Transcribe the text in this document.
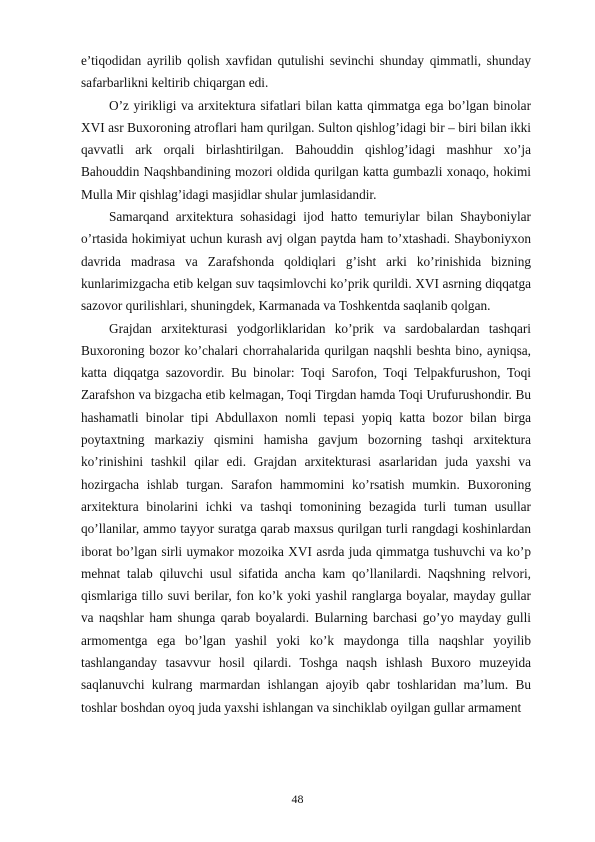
e’tiqodidan ayrilib qolish xavfidan qutulishi sevinchi shunday qimmatli, shunday safarbarlikni keltirib chiqargan edi.

O’z yirikligi va arxitektura sifatlari bilan katta qimmatga ega bo’lgan binolar XVI asr Buxoroning atroflari ham qurilgan. Sulton qishlog’idagi bir – biri bilan ikki qavvatli ark orqali birlashtirilgan. Bahouddin qishlog’idagi mashhur xo’ja Bahouddin Naqshbandining mozori oldida qurilgan katta gumbazli xonaqo, hokimi Mulla Mir qishlag’idagi masjidlar shular jumlasidandir.

Samarqand arxitektura sohasidagi ijod hatto temuriylar bilan Shayboniylar o’rtasida hokimiyat uchun kurash avj olgan paytda ham to’xtashadi. Shayboniyxon davrida madrasa va Zarafshonda qoldiqlari g’isht arki ko’rinishida bizning kunlarimizgacha etib kelgan suv taqsimlovchi ko’prik qurildi. XVI asrning diqqatga sazovor qurilishlari, shuningdek, Karmanada va Toshkentda saqlanib qolgan.

Grajdan arxitekturasi yodgorliklaridan ko’prik va sardobalardan tashqari Buxoroning bozor ko’chalari chorrahalarida qurilgan naqshli beshta bino, ayniqsa, katta diqqatga sazovordir. Bu binolar: Toqi Sarofon, Toqi Telpakfurushon, Toqi Zarafshon va bizgacha etib kelmagan, Toqi Tirgdan hamda Toqi Urufurushondir. Bu hashamatli binolar tipi Abdullaxon nomli tepasi yopiq katta bozor bilan birga poytaxtning markaziy qismini hamisha gavjum bozorning tashqi arxitektura ko’rinishini tashkil qilar edi. Grajdan arxitekturasi asarlaridan juda yaxshi va hozirgacha ishlab turgan. Sarafon hammomini ko’rsatish mumkin. Buxoroning arxitektura binolarini ichki va tashqi tomonining bezagida turli tuman usullar qo’llanilar, ammo tayyor suratga qarab maxsus qurilgan turli rangdagi koshinlardan iborat bo’lgan sirli uymakor mozoika XVI asrda juda qimmatga tushuvchi va ko’p mehnat talab qiluvchi usul sifatida ancha kam qo’llanilardi. Naqshning relvori, qismlariga tillo suvi berilar, fon ko’k yoki yashil ranglarga boyalar, mayday gullar va naqshlar ham shunga qarab boyalardi. Bularning barchasi go’yo mayday gulli armomentga ega bo’lgan yashil yoki ko’k maydonga tilla naqshlar yoyilib tashlanganday tasavvur hosil qilardi. Toshga naqsh ishlash Buxoro muzeyida saqlanuvchi kulrang marmardan ishlangan ajoyib qabr toshlaridan ma’lum. Bu toshlar boshdan oyoq juda yaxshi ishlangan va sinchiklab oyilgan gullar armament

48
